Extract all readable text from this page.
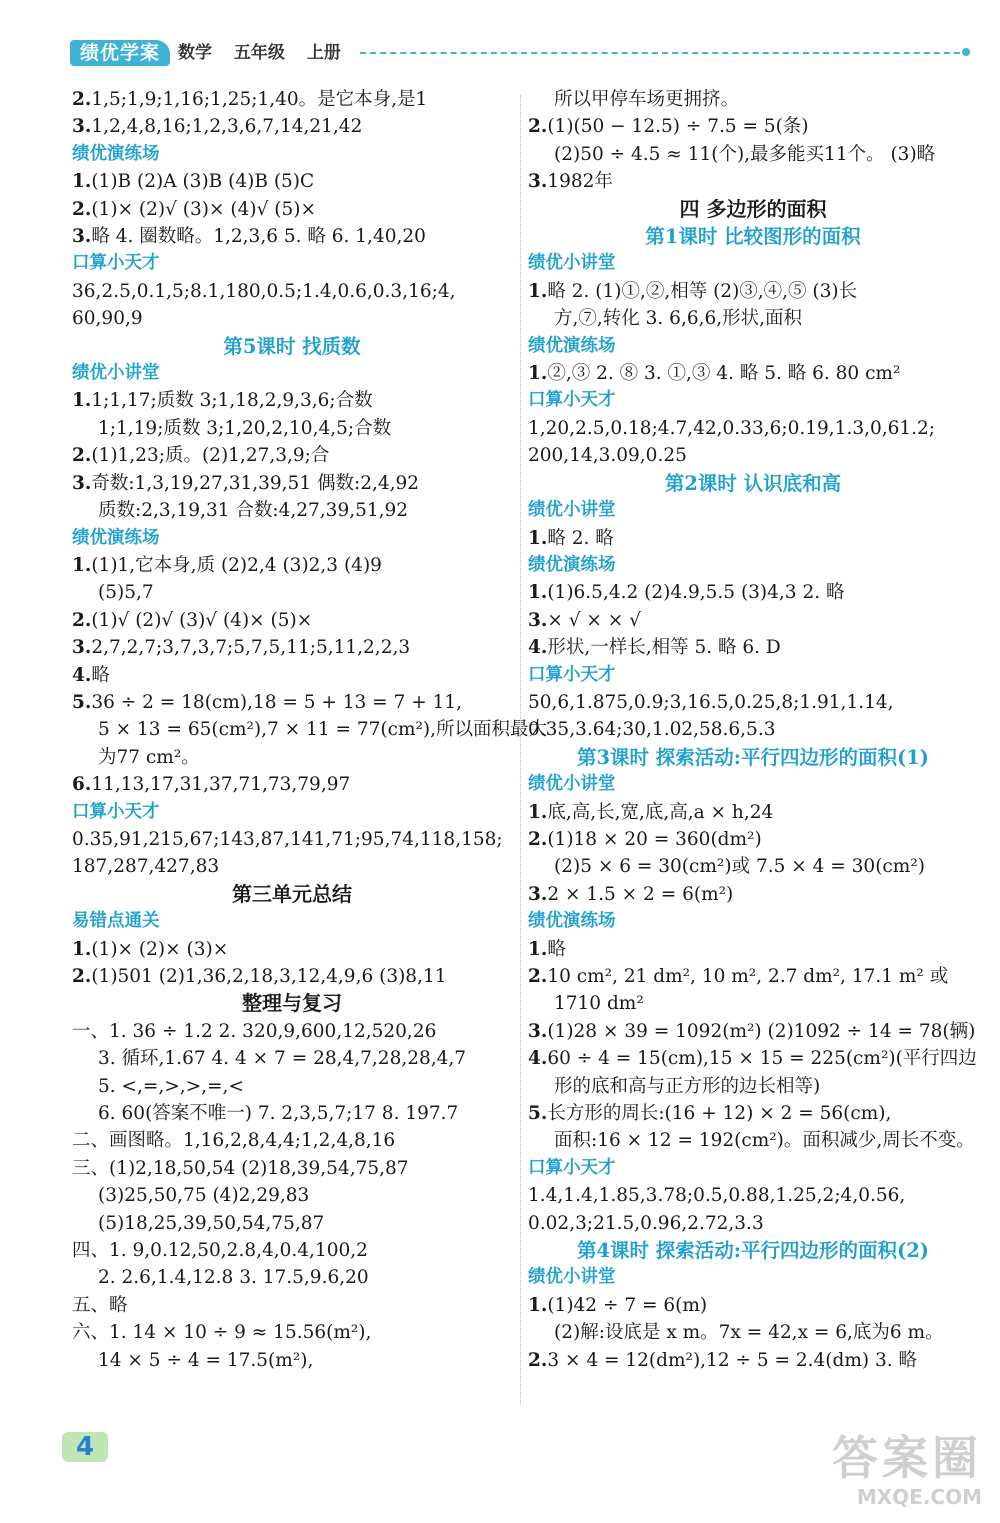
绩优学案	数学 五年级 上册
2.1,5;1,9;1,16;1,25;1,40。是它本身,是1
3.1,2,4,8,16;1,2,3,6,7,14,21,42
绩优演练场
1.(1)B (2)A (3)B (4)B (5)C
2.(1)× (2)√ (3)× (4)√ (5)×
3.略 4. 圈数略。1,2,3,6 5. 略 6. 1,40,20
口算小天才
36,2.5,0.1,5;8.1,180,0.5;1.4,0.6,0.3,16;4,
60,90,9
第5课时 找质数
绩优小讲堂
1.1;1,17;质数 3;1,18,2,9,3,6;合数
1;1,19;质数 3;1,20,2,10,4,5;合数
2.(1)1,23;质。(2)1,27,3,9;合
3.奇数:1,3,19,27,31,39,51 偶数:2,4,92
质数:2,3,19,31 合数:4,27,39,51,92
绩优演练场
1.(1)1,它本身,质 (2)2,4 (3)2,3 (4)9
(5)5,7
2.(1)√ (2)√ (3)√ (4)× (5)×
3.2,7,2,7;3,7,3,7;5,7,5,11;5,11,2,2,3
4.略
5.36 ÷ 2 = 18(cm),18 = 5 + 13 = 7 + 11,
5 × 13 = 65(cm²),7 × 11 = 77(cm²),所以面积最大
为77 cm²。
6.11,13,17,31,37,71,73,79,97
口算小天才
0.35,91,215,67;143,87,141,71;95,74,118,158;
187,287,427,83
第三单元总结
易错点通关
1.(1)× (2)× (3)×
2.(1)501 (2)1,36,2,18,3,12,4,9,6 (3)8,11
整理与复习
一、1. 36 ÷ 1.2 2. 320,9,600,12,520,26
3. 循环,1.67 4. 4 × 7 = 28,4,7,28,28,4,7
5. <,=,>,>,=,<
6. 60(答案不唯一) 7. 2,3,5,7;17 8. 197.7
二、画图略。1,16,2,8,4,4;1,2,4,8,16
三、(1)2,18,50,54 (2)18,39,54,75,87
(3)25,50,75 (4)2,29,83
(5)18,25,39,50,54,75,87
四、1. 9,0.12,50,2.8,4,0.4,100,2
2. 2.6,1.4,12.8 3. 17.5,9.6,20
五、略
六、1. 14 × 10 ÷ 9 ≈ 15.56(m²),
14 × 5 ÷ 4 = 17.5(m²),
所以甲停车场更拥挤。
2.(1)(50 − 12.5) ÷ 7.5 = 5(条)
(2)50 ÷ 4.5 ≈ 11(个),最多能买11个。 (3)略
3.1982年
四 多边形的面积
第1课时 比较图形的面积
绩优小讲堂
1.略 2. (1)①,②,相等 (2)③,④,⑤ (3)长
方,⑦,转化 3. 6,6,6,形状,面积
绩优演练场
1.②,③ 2. ⑧ 3. ①,③ 4. 略 5. 略 6. 80 cm²
口算小天才
1,20,2.5,0.18;4.7,42,0.33,6;0.19,1.3,0,61.2;
200,14,3.09,0.25
第2课时 认识底和高
绩优小讲堂
1.略 2. 略
绩优演练场
1.(1)6.5,4.2 (2)4.9,5.5 (3)4,3 2. 略
3.× √ × × √
4.形状,一样长,相等 5. 略 6. D
口算小天才
50,6,1.875,0.9;3,16.5,0.25,8;1.91,1.14,
0.35,3.64;30,1.02,58.6,5.3
第3课时 探索活动:平行四边形的面积(1)
绩优小讲堂
1.底,高,长,宽,底,高,a × h,24
2.(1)18 × 20 = 360(dm²)
(2)5 × 6 = 30(cm²)或 7.5 × 4 = 30(cm²)
3.2 × 1.5 × 2 = 6(m²)
绩优演练场
1.略
2.10 cm², 21 dm², 10 m², 2.7 dm², 17.1 m² 或
1710 dm²
3.(1)28 × 39 = 1092(m²) (2)1092 ÷ 14 = 78(辆)
4.60 ÷ 4 = 15(cm),15 × 15 = 225(cm²)(平行四边
形的底和高与正方形的边长相等)
5.长方形的周长:(16 + 12) × 2 = 56(cm),
面积:16 × 12 = 192(cm²)。面积减少,周长不变。
口算小天才
1.4,1.4,1.85,3.78;0.5,0.88,1.25,2;4,0.56,
0.02,3;21.5,0.96,2.72,3.3
第4课时 探索活动:平行四边形的面积(2)
绩优小讲堂
1.(1)42 ÷ 7 = 6(m)
(2)解:设底是 x m。7x = 42,x = 6,底为6 m。
2.3 × 4 = 12(dm²),12 ÷ 5 = 2.4(dm) 3. 略
4	答案圈
MXQE.COM
